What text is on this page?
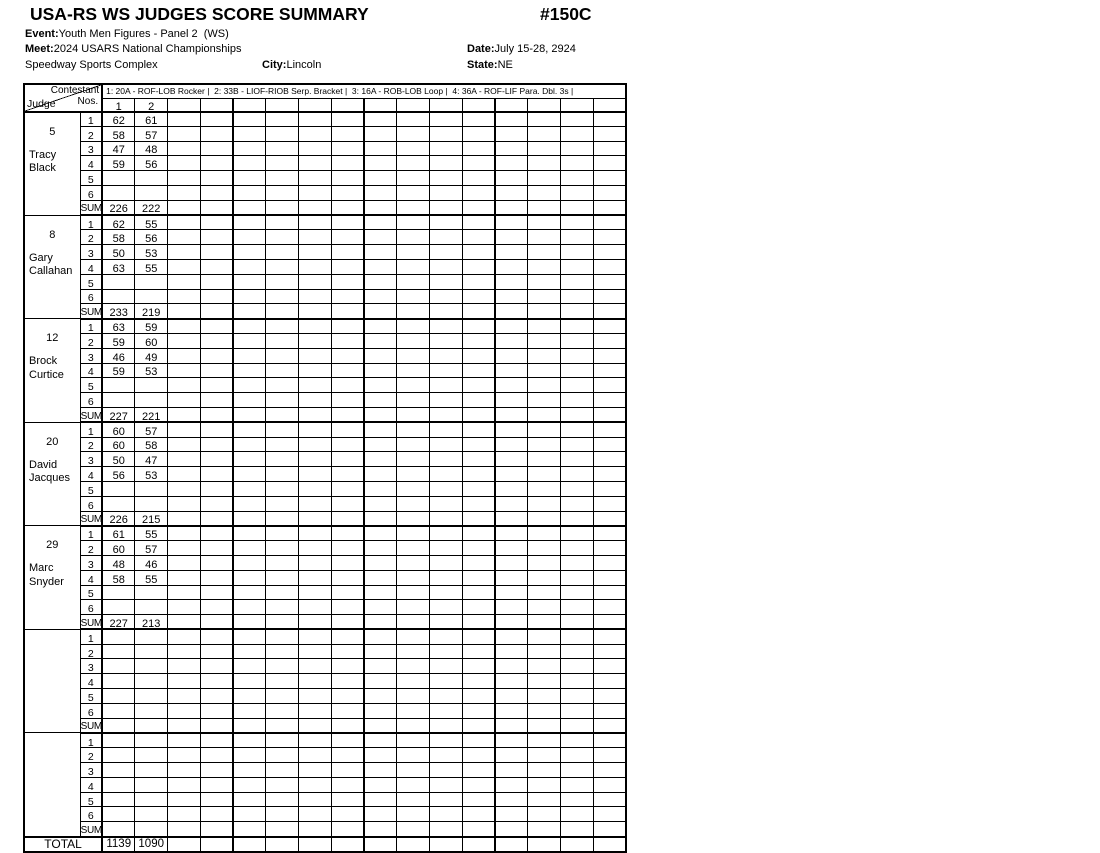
USA-RS WS JUDGES SCORE SUMMARY	#150C
Event:Youth Men Figures - Panel 2  (WS)
Meet:2024 USARS National Championships	Date:July 15-28, 2924
Speedway Sports Complex	City:Lincoln	State:NE
Contestant
Nos.
Judge		1: 20A - ROF-LOB Rocker |  2: 33B - LIOF-RIOB Serp. Bracket |  3: 16A - ROB-LOB Loop |  4: 36A - ROF-LIF Para. Dbl. 3s |															
		1	2														

5
Tracy
Black	1	62	61														
	2	58	57														
	3	47	48														
	4	59	56														
	5																
	6																
	SUM	226	222														

8
Gary
Callahan	1	62	55														
	2	58	56														
	3	50	53														
	4	63	55														
	5																
	6																
	SUM	233	219														

12
Brock
Curtice	1	63	59														
	2	59	60														
	3	46	49														
	4	59	53														
	5																
	6																
	SUM	227	221														

20
David
Jacques	1	60	57														
	2	60	58														
	3	50	47														
	4	56	53														
	5																
	6																
	SUM	226	215														

29
Marc
Snyder	1	61	55														
	2	60	57														
	3	48	46														
	4	58	55														
	5																
	6																
	SUM	227	213														

	1																
	2																
	3																
	4																
	5																
	6																
	SUM																

	1																
	2																
	3																
	4																
	5																
	6																
	SUM																
TOTAL		1139	1090														
